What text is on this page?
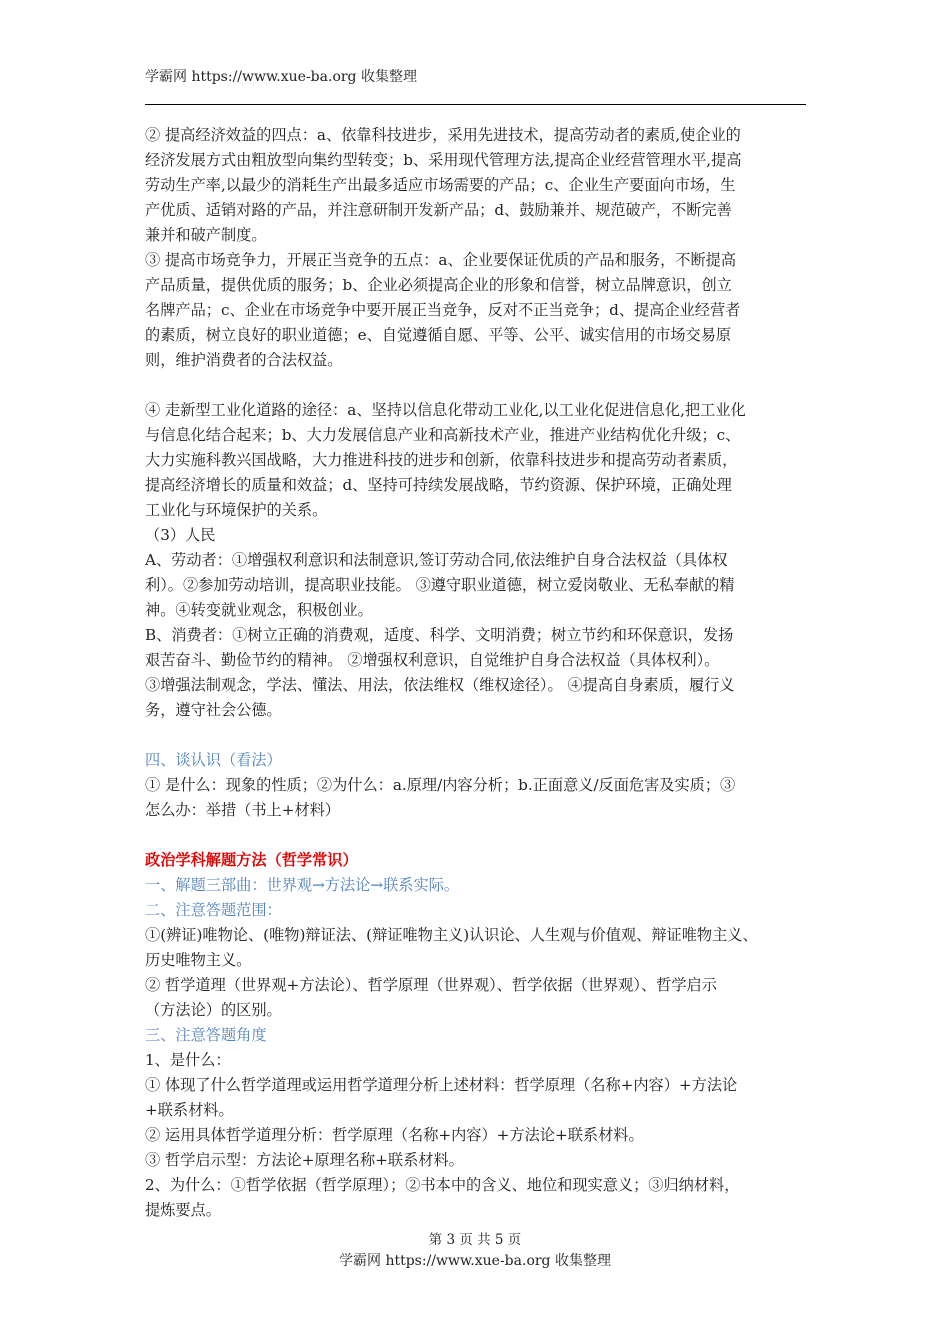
学霸网 https://www.xue-ba.org 收集整理
② 提高经济效益的四点：a、依靠科技进步，采用先进技术，提高劳动者的素质,使企业的
经济发展方式由粗放型向集约型转变；b、采用现代管理方法,提高企业经营管理水平,提高
劳动生产率,以最少的消耗生产出最多适应市场需要的产品；c、企业生产要面向市场，生
产优质、适销对路的产品，并注意研制开发新产品；d、鼓励兼并、规范破产，不断完善
兼并和破产制度。
③ 提高市场竞争力，开展正当竞争的五点：a、企业要保证优质的产品和服务，不断提高
产品质量，提供优质的服务；b、企业必须提高企业的形象和信誉，树立品牌意识，创立
名牌产品；c、企业在市场竞争中要开展正当竞争，反对不正当竞争；d、提高企业经营者
的素质，树立良好的职业道德；e、自觉遵循自愿、平等、公平、诚实信用的市场交易原
则，维护消费者的合法权益。
④ 走新型工业化道路的途径：a、坚持以信息化带动工业化,以工业化促进信息化,把工业化
与信息化结合起来；b、大力发展信息产业和高新技术产业，推进产业结构优化升级；c、
大力实施科教兴国战略，大力推进科技的进步和创新，依靠科技进步和提高劳动者素质，
提高经济增长的质量和效益；d、坚持可持续发展战略，节约资源、保护环境，正确处理
工业化与环境保护的关系。
（3）人民
A、劳动者：①增强权利意识和法制意识,签订劳动合同,依法维护自身合法权益（具体权
利）。②参加劳动培训，提高职业技能。 ③遵守职业道德，树立爱岗敬业、无私奉献的精
神。④转变就业观念，积极创业。
B、消费者：①树立正确的消费观，适度、科学、文明消费；树立节约和环保意识，发扬
艰苦奋斗、勤俭节约的精神。 ②增强权利意识，自觉维护自身合法权益（具体权利）。
③增强法制观念，学法、懂法、用法，依法维权（维权途径）。 ④提高自身素质，履行义
务，遵守社会公德。
四、谈认识（看法）
① 是什么：现象的性质；②为什么：a.原理/内容分析；b.正面意义/反面危害及实质；③
怎么办：举措（书上+材料）
政治学科解题方法（哲学常识）
一、解题三部曲：世界观→方法论→联系实际。
二、注意答题范围：
①(辨证)唯物论、(唯物)辩证法、(辩证唯物主义)认识论、人生观与价值观、辩证唯物主义、
历史唯物主义。
② 哲学道理（世界观+方法论）、哲学原理（世界观）、哲学依据（世界观）、哲学启示
（方法论）的区别。
三、注意答题角度
1、是什么：
① 体现了什么哲学道理或运用哲学道理分析上述材料：哲学原理（名称+内容）+方法论
+联系材料。
② 运用具体哲学道理分析：哲学原理（名称+内容）+方法论+联系材料。
③ 哲学启示型：方法论+原理名称+联系材料。
2、为什么：①哲学依据（哲学原理）；②书本中的含义、地位和现实意义；③归纳材料，
提炼要点。
第 3 页 共 5 页
学霸网 https://www.xue-ba.org 收集整理
